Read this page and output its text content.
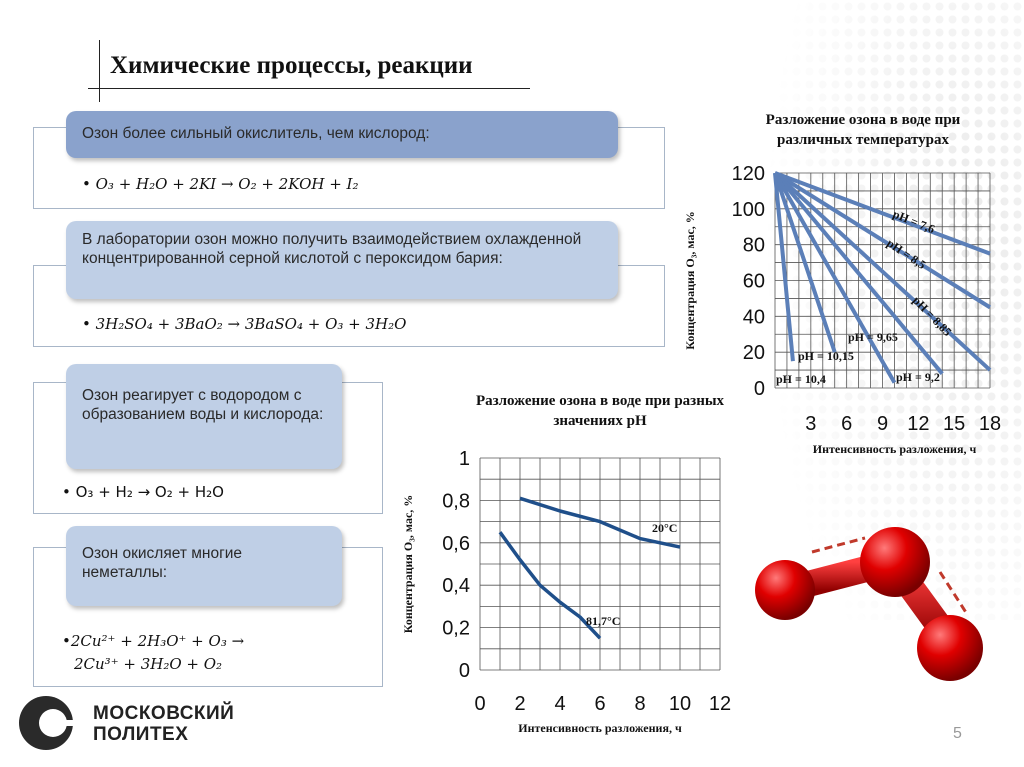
Химические процессы, реакции
Озон более сильный окислитель, чем кислород:
• O₃ + H₂O + 2KI → O₂ + 2KOH + I₂
В лаборатории озон можно получить взаимодействием охлажденной концентрированной серной кислотой с пероксидом бария:
• 3H₂SO₄ + 3BaO₂ → 3BaSO₄ + O₃ + 3H₂O
Озон реагирует с водородом с образованием воды и кислорода:
• O₃ + H₂ → O₂ + H₂O
Озон окисляет многие неметаллы:
•2Cu²⁺ + 2H₃O⁺ + O₃ →
2Cu³⁺ + 3H₂O + O₂
Разложение озона в воде при различных температурах
0
20
40
60
80
100
120
3 6 9 12 15 18
Интенсивность разложения, ч
Концентрация О₃, мас, %	pH = 7,6
pH = 8,5
pH = 8,85
pH = 9,2
pH = 9,65
pH = 10,15
pH = 10,4
Разложение озона в воде при разных значениях рН
0
0,2
0,4
0,6
0,8
1
0 2 4 6 8 10 12
Интенсивность разложения, ч
Концентрация О₃, мас, %	20°C
81,7°C
МОСКОВСКИЙ
ПОЛИТЕХ	5
